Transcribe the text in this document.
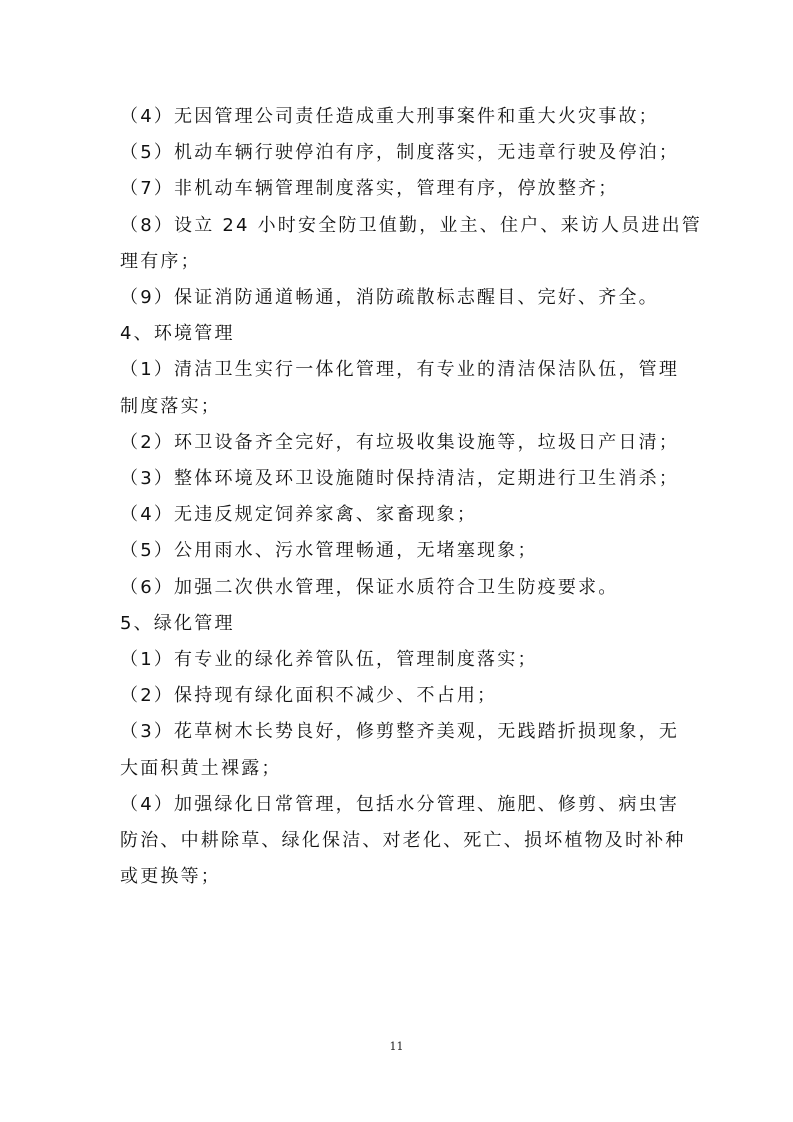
（4）无因管理公司责任造成重大刑事案件和重大火灾事故；
（5）机动车辆行驶停泊有序，制度落实，无违章行驶及停泊；
（7）非机动车辆管理制度落实，管理有序，停放整齐；
（8）设立 24 小时安全防卫值勤，业主、住户、来访人员进出管
理有序；
（9）保证消防通道畅通，消防疏散标志醒目、完好、齐全。
4、环境管理
（1）清洁卫生实行一体化管理，有专业的清洁保洁队伍，管理
制度落实；
（2）环卫设备齐全完好，有垃圾收集设施等，垃圾日产日清；
（3）整体环境及环卫设施随时保持清洁，定期进行卫生消杀；
（4）无违反规定饲养家禽、家畜现象；
（5）公用雨水、污水管理畅通，无堵塞现象；
（6）加强二次供水管理，保证水质符合卫生防疫要求。
5、绿化管理
（1）有专业的绿化养管队伍，管理制度落实；
（2）保持现有绿化面积不减少、不占用；
（3）花草树木长势良好，修剪整齐美观，无践踏折损现象，无
大面积黄土裸露；
（4）加强绿化日常管理，包括水分管理、施肥、修剪、病虫害
防治、中耕除草、绿化保洁、对老化、死亡、损坏植物及时补种
或更换等；
11
